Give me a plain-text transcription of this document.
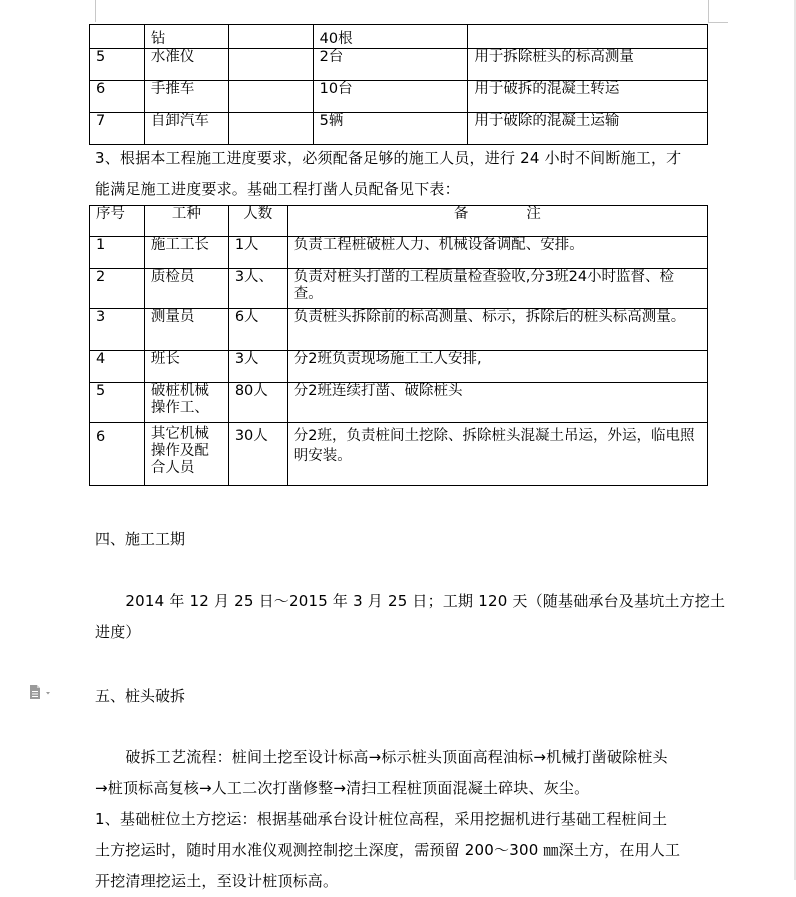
	钻		40根	
5	水准仪		2台	用于拆除桩头的标高测量
6	手推车		10台	用于破拆的混凝土转运
7	自卸汽车		5辆	用于破除的混凝土运输
3、根据本工程施工进度要求，必须配备足够的施工人员，进行 24 小时不间断施工，才
能满足施工进度要求。基础工程打凿人员配备见下表：
序号	工种	人数	备　　　　注
1	施工工长	1人	负责工程桩破桩人力、机械设备调配、安排。
2	质检员	3人、	负责对桩头打凿的工程质量检查验收,分3班24小时监督、检查。
3	测量员	6人	负责桩头拆除前的标高测量、标示，拆除后的桩头标高测量。
4	班长	3人	分2班负责现场施工工人安排,
5	破桩机械操作工、	80人	分2班连续打凿、破除桩头
6	其它机械操作及配合人员	30人	分2班，负责桩间土挖除、拆除桩头混凝土吊运，外运，临电照明安装。
四、施工工期
　　2014 年 12 月 25 日～2015 年 3 月 25 日；工期 120 天（随基础承台及基坑土方挖土
进度）
五、桩头破拆
　　破拆工艺流程：桩间土挖至设计标高→标示桩头顶面高程油标→机械打凿破除桩头
→桩顶标高复核→人工二次打凿修整→清扫工程桩顶面混凝土碎块、灰尘。
1、基础桩位土方挖运：根据基础承台设计桩位高程，采用挖掘机进行基础工程桩间土
土方挖运时，随时用水准仪观测控制挖土深度，需预留 200～300 ㎜深土方，在用人工
开挖清理挖运土，至设计桩顶标高。
